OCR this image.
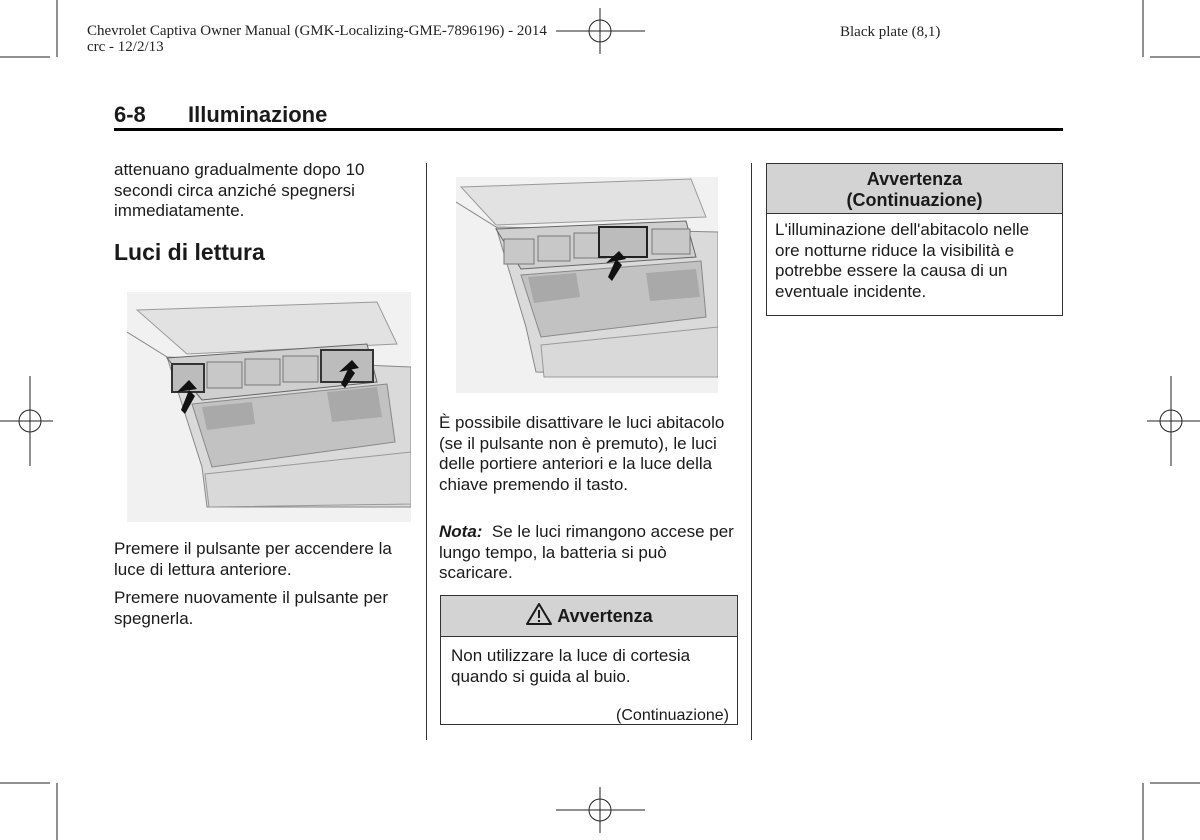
Chevrolet Captiva Owner Manual (GMK-Localizing-GME-7896196) - 2014
crc - 12/2/13
Black plate (8,1)
6-8 Illuminazione

attenuano gradualmente dopo 10 secondi circa anziché spegnersi immediatamente.

Luci di lettura

Premere il pulsante per accendere la luce di lettura anteriore.

Premere nuovamente il pulsante per spegnerla.

È possibile disattivare le luci abitacolo (se il pulsante non è premuto), le luci delle portiere anteriori e la luce della chiave premendo il tasto.

Nota: Se le luci rimangono accese per lungo tempo, la batteria si può scaricare.

Avvertenza

Non utilizzare la luce di cortesia quando si guida al buio.

(Continuazione)
Avvertenza
(Continuazione)

L'illuminazione dell'abitacolo nelle ore notturne riduce la visibilità e potrebbe essere la causa di un eventuale incidente.
